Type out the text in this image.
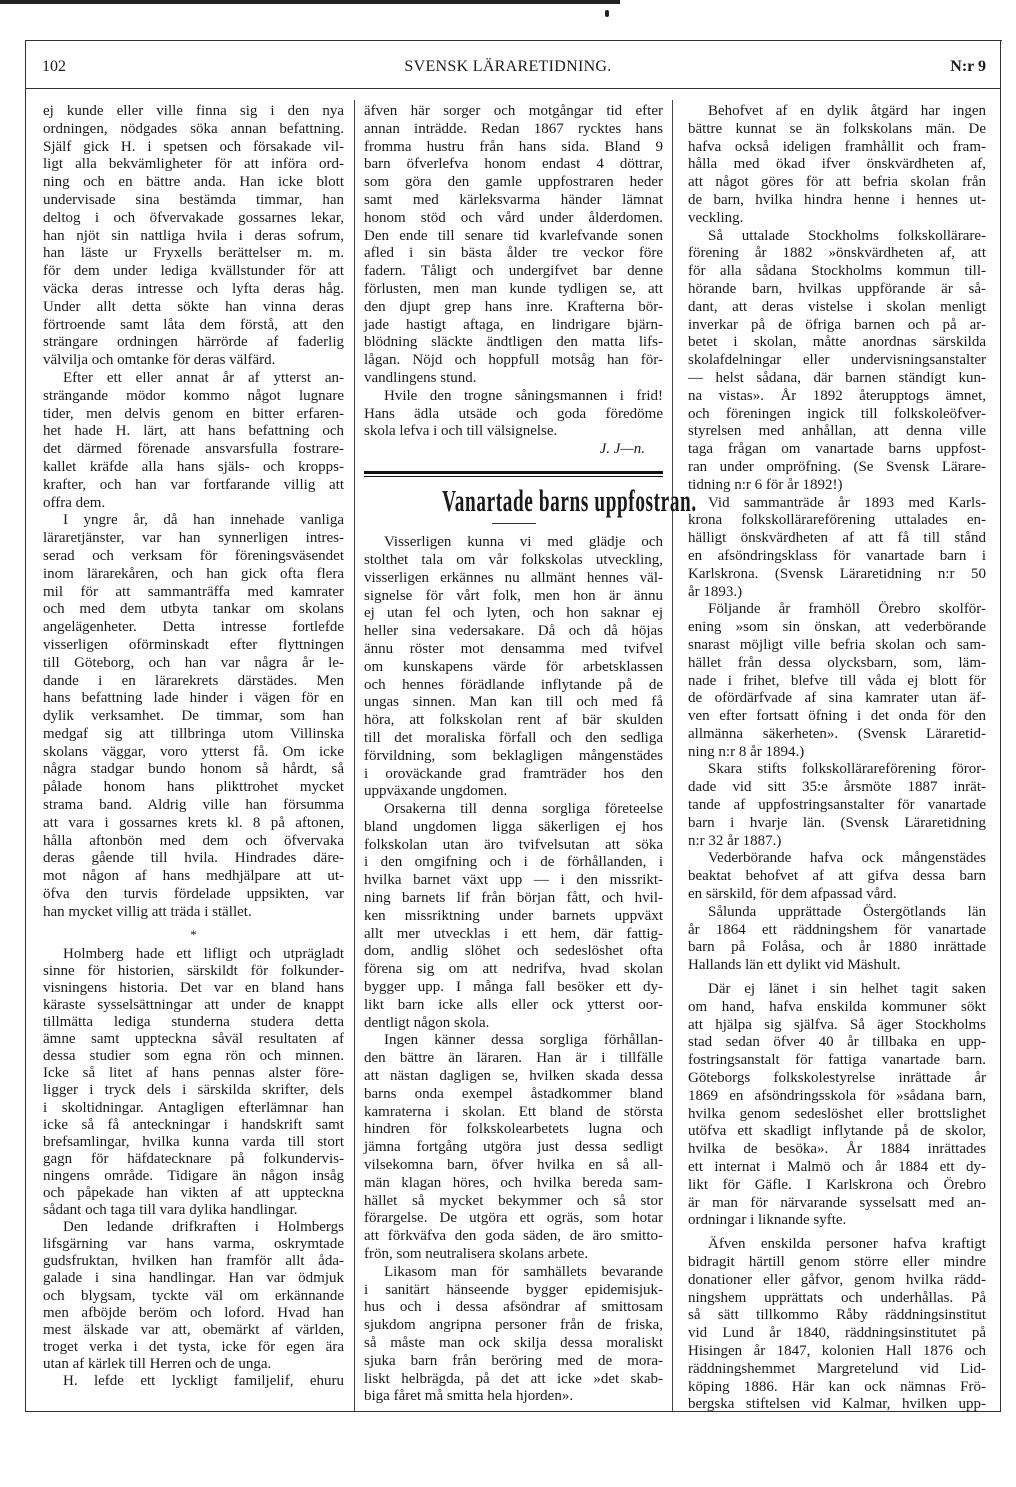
102	SVENSK LÄRARETIDNING.	N:r 9
ej kunde eller ville finna sig i den nya
ordningen, nödgades söka annan befattning.
Själf gick H. i spetsen och försakade vil-
ligt alla bekvämligheter för att införa ord-
ning och en bättre anda. Han icke blott
undervisade sina bestämda timmar, han
deltog i och öfvervakade gossarnes lekar,
han njöt sin nattliga hvila i deras sofrum,
han läste ur Fryxells berättelser m. m.
för dem under lediga kvällstunder för att
väcka deras intresse och lyfta deras håg.
Under allt detta sökte han vinna deras
förtroende samt låta dem förstå, att den
strängare ordningen härrörde af faderlig
välvilja och omtanke för deras välfärd.
Efter ett eller annat år af ytterst an-
strängande mödor kommo något lugnare
tider, men delvis genom en bitter erfaren-
het hade H. lärt, att hans befattning och
det därmed förenade ansvarsfulla fostrare-
kallet kräfde alla hans själs- och kropps-
krafter, och han var fortfarande villig att
offra dem.
I yngre år, då han innehade vanliga
läraretjänster, var han synnerligen intres-
serad och verksam för föreningsväsendet
inom lärarekåren, och han gick ofta flera
mil för att sammanträffa med kamrater
och med dem utbyta tankar om skolans
angelägenheter. Detta intresse fortlefde
visserligen oförminskadt efter flyttningen
till Göteborg, och han var några år le-
dande i en lärarekrets därstädes. Men
hans befattning lade hinder i vägen för en
dylik verksamhet. De timmar, som han
medgaf sig att tillbringa utom Villinska
skolans väggar, voro ytterst få. Om icke
några stadgar bundo honom så hårdt, så
pålade honom hans plikttrohet mycket
strama band. Aldrig ville han försumma
att vara i gossarnes krets kl. 8 på aftonen,
hålla aftonbön med dem och öfvervaka
deras gående till hvila. Hindrades däre-
mot någon af hans medhjälpare att ut-
öfva den turvis fördelade uppsikten, var
han mycket villig att träda i stället.
*
Holmberg hade ett lifligt och utprägladt
sinne för historien, särskildt för folkunder-
visningens historia. Det var en bland hans
käraste sysselsättningar att under de knappt
tillmätta lediga stunderna studera detta
ämne samt uppteckna såväl resultaten af
dessa studier som egna rön och minnen.
Icke så litet af hans pennas alster före-
ligger i tryck dels i särskilda skrifter, dels
i skoltidningar. Antagligen efterlämnar han
icke så få anteckningar i handskrift samt
brefsamlingar, hvilka kunna varda till stort
gagn för häfdatecknare på folkundervis-
ningens område. Tidigare än någon insåg
och påpekade han vikten af att uppteckna
sådant och taga till vara dylika handlingar.
Den ledande drifkraften i Holmbergs
lifsgärning var hans varma, oskrymtade
gudsfruktan, hvilken han framför allt åda-
galade i sina handlingar. Han var ödmjuk
och blygsam, tyckte väl om erkännande
men afböjde beröm och loford. Hvad han
mest älskade var att, obemärkt af världen,
troget verka i det tysta, icke för egen ära
utan af kärlek till Herren och de unga.
H. lefde ett lyckligt familjelif, ehuru
äfven här sorger och motgångar tid efter
annan inträdde. Redan 1867 rycktes hans
fromma hustru från hans sida. Bland 9
barn öfverlefva honom endast 4 döttrar,
som göra den gamle uppfostraren heder
samt med kärleksvarma händer lämnat
honom stöd och vård under ålderdomen.
Den ende till senare tid kvarlefvande sonen
afled i sin bästa ålder tre veckor före
fadern. Tåligt och undergifvet bar denne
förlusten, men man kunde tydligen se, att
den djupt grep hans inre. Krafterna bör-
jade hastigt aftaga, en lindrigare bjärn-
blödning släckte ändtligen den matta lifs-
lågan. Nöjd och hoppfull motsåg han för-
vandlingens stund.
Hvile den trogne såningsmannen i frid!
Hans ädla utsäde och goda föredöme
skola lefva i och till välsignelse.
J. J—n.
Vanartade barns uppfostran.
Visserligen kunna vi med glädje och
stolthet tala om vår folkskolas utveckling,
visserligen erkännes nu allmänt hennes väl-
signelse för vårt folk, men hon är ännu
ej utan fel och lyten, och hon saknar ej
heller sina vedersakare. Då och då höjas
ännu röster mot densamma med tvifvel
om kunskapens värde för arbetsklassen
och hennes förädlande inflytande på de
ungas sinnen. Man kan till och med få
höra, att folkskolan rent af bär skulden
till det moraliska förfall och den sedliga
förvildning, som beklagligen mångenstädes
i oroväckande grad framträder hos den
uppväxande ungdomen.
Orsakerna till denna sorgliga företeelse
bland ungdomen ligga säkerligen ej hos
folkskolan utan äro tvifvelsutan att söka
i den omgifning och i de förhållanden, i
hvilka barnet växt upp — i den missrikt-
ning barnets lif från början fått, och hvil-
ken missriktning under barnets uppväxt
allt mer utvecklas i ett hem, där fattig-
dom, andlig slöhet och sedeslöshet ofta
förena sig om att nedrifva, hvad skolan
bygger upp. I många fall besöker ett dy-
likt barn icke alls eller ock ytterst oor-
dentligt någon skola.
Ingen känner dessa sorgliga förhållan-
den bättre än läraren. Han är i tillfälle
att nästan dagligen se, hvilken skada dessa
barns onda exempel åstadkommer bland
kamraterna i skolan. Ett bland de största
hindren för folkskolearbetets lugna och
jämna fortgång utgöra just dessa sedligt
vilsekomna barn, öfver hvilka en så all-
män klagan höres, och hvilka bereda sam-
hället så mycket bekymmer och så stor
förargelse. De utgöra ett ogräs, som hotar
att förkväfva den goda säden, de äro smitto-
frön, som neutralisera skolans arbete.
Likasom man för samhällets bevarande
i sanitärt hänseende bygger epidemisjuk-
hus och i dessa afsöndrar af smittosam
sjukdom angripna personer från de friska,
så måste man ock skilja dessa moraliskt
sjuka barn från beröring med de mora-
liskt helbrägda, på det att icke »det skab-
biga fåret må smitta hela hjorden».
Behofvet af en dylik åtgärd har ingen
bättre kunnat se än folkskolans män. De
hafva också ideligen framhållit och fram-
hålla med ökad ifver önskvärdheten af,
att något göres för att befria skolan från
de barn, hvilka hindra henne i hennes ut-
veckling.
Så uttalade Stockholms folkskollärare-
förening år 1882 »önskvärdheten af, att
för alla sådana Stockholms kommun till-
hörande barn, hvilkas uppförande är så-
dant, att deras vistelse i skolan menligt
inverkar på de öfriga barnen och på ar-
betet i skolan, måtte anordnas särskilda
skolafdelningar eller undervisningsanstalter
— helst sådana, där barnen ständigt kun-
na vistas». År 1892 återupptogs ämnet,
och föreningen ingick till folkskoleöfver-
styrelsen med anhållan, att denna ville
taga frågan om vanartade barns uppfost-
ran under ompröfning. (Se Svensk Lärare-
tidning n:r 6 för år 1892!)
Vid sammanträde år 1893 med Karls-
krona folkskollärareförening uttalades en-
hälligt önskvärdheten af att få till stånd
en afsöndringsklass för vanartade barn i
Karlskrona. (Svensk Läraretidning n:r 50
år 1893.)
Följande år framhöll Örebro skolför-
ening »som sin önskan, att vederbörande
snarast möjligt ville befria skolan och sam-
hället från dessa olycksbarn, som, läm-
nade i frihet, blefve till våda ej blott för
de ofördärfvade af sina kamrater utan äf-
ven efter fortsatt öfning i det onda för den
allmänna säkerheten». (Svensk Läraretid-
ning n:r 8 år 1894.)
Skara stifts folkskollärareförening föror-
dade vid sitt 35:e årsmöte 1887 inrät-
tande af uppfostringsanstalter för vanartade
barn i hvarje län. (Svensk Läraretidning
n:r 32 år 1887.)
Vederbörande hafva ock mångenstädes
beaktat behofvet af att gifva dessa barn
en särskild, för dem afpassad vård.
Sålunda upprättade Östergötlands län
år 1864 ett räddningshem för vanartade
barn på Folåsa, och år 1880 inrättade
Hallands län ett dylikt vid Mäshult.
Där ej länet i sin helhet tagit saken
om hand, hafva enskilda kommuner sökt
att hjälpa sig själfva. Så äger Stockholms
stad sedan öfver 40 år tillbaka en upp-
fostringsanstalt för fattiga vanartade barn.
Göteborgs folkskolestyrelse inrättade år
1869 en afsöndringsskola för »sådana barn,
hvilka genom sedeslöshet eller brottslighet
utöfva ett skadligt inflytande på de skolor,
hvilka de besöka». År 1884 inrättades
ett internat i Malmö och år 1884 ett dy-
likt för Gäfle. I Karlskrona och Örebro
är man för närvarande sysselsatt med an-
ordningar i liknande syfte.
Äfven enskilda personer hafva kraftigt
bidragit härtill genom större eller mindre
donationer eller gåfvor, genom hvilka rädd-
ningshem upprättats och underhållas. På
så sätt tillkommo Råby räddningsinstitut
vid Lund år 1840, räddningsinstitutet på
Hisingen år 1847, kolonien Hall 1876 och
räddningshemmet Margretelund vid Lid-
köping 1886. Här kan ock nämnas Frö-
bergska stiftelsen vid Kalmar, hvilken upp-
